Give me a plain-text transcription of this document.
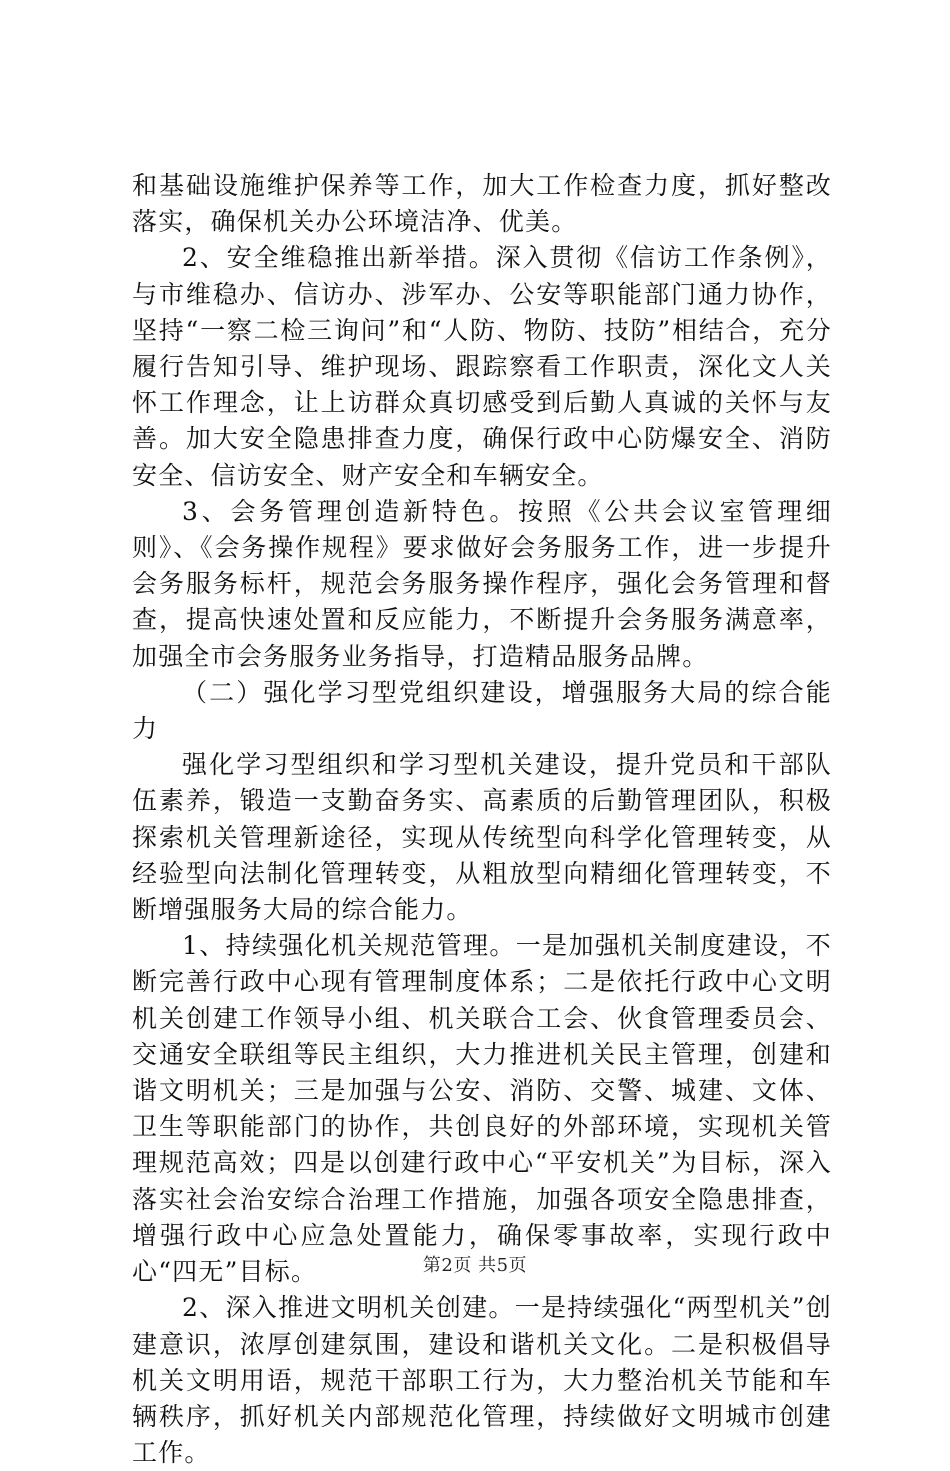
和基础设施维护保养等工作，加大工作检查力度，抓好整改落实，确保机关办公环境洁净、优美。

2、安全维稳推出新举措。深入贯彻《信访工作条例》，与市维稳办、信访办、涉军办、公安等职能部门通力协作，坚持“一察二检三询问”和“人防、物防、技防”相结合，充分履行告知引导、维护现场、跟踪察看工作职责，深化文人关怀工作理念，让上访群众真切感受到后勤人真诚的关怀与友善。加大安全隐患排查力度，确保行政中心防爆安全、消防安全、信访安全、财产安全和车辆安全。

3、会务管理创造新特色。按照《公共会议室管理细则》、《会务操作规程》要求做好会务服务工作，进一步提升会务服务标杆，规范会务服务操作程序，强化会务管理和督查，提高快速处置和反应能力，不断提升会务服务满意率，加强全市会务服务业务指导，打造精品服务品牌。

（二）强化学习型党组织建设，增强服务大局的综合能力

强化学习型组织和学习型机关建设，提升党员和干部队伍素养，锻造一支勤奋务实、高素质的后勤管理团队，积极探索机关管理新途径，实现从传统型向科学化管理转变，从经验型向法制化管理转变，从粗放型向精细化管理转变，不断增强服务大局的综合能力。

1、持续强化机关规范管理。一是加强机关制度建设，不断完善行政中心现有管理制度体系；二是依托行政中心文明机关创建工作领导小组、机关联合工会、伙食管理委员会、交通安全联组等民主组织，大力推进机关民主管理，创建和谐文明机关；三是加强与公安、消防、交警、城建、文体、卫生等职能部门的协作，共创良好的外部环境，实现机关管理规范高效；四是以创建行政中心“平安机关”为目标，深入落实社会治安综合治理工作措施，加强各项安全隐患排查，增强行政中心应急处置能力，确保零事故率，实现行政中心“四无”目标。

2、深入推进文明机关创建。一是持续强化“两型机关”创建意识，浓厚创建氛围，建设和谐机关文化。二是积极倡导机关文明用语，规范干部职工行为，大力整治机关节能和车辆秩序，抓好机关内部规范化管理，持续做好文明城市创建工作。

第2页 共5页
